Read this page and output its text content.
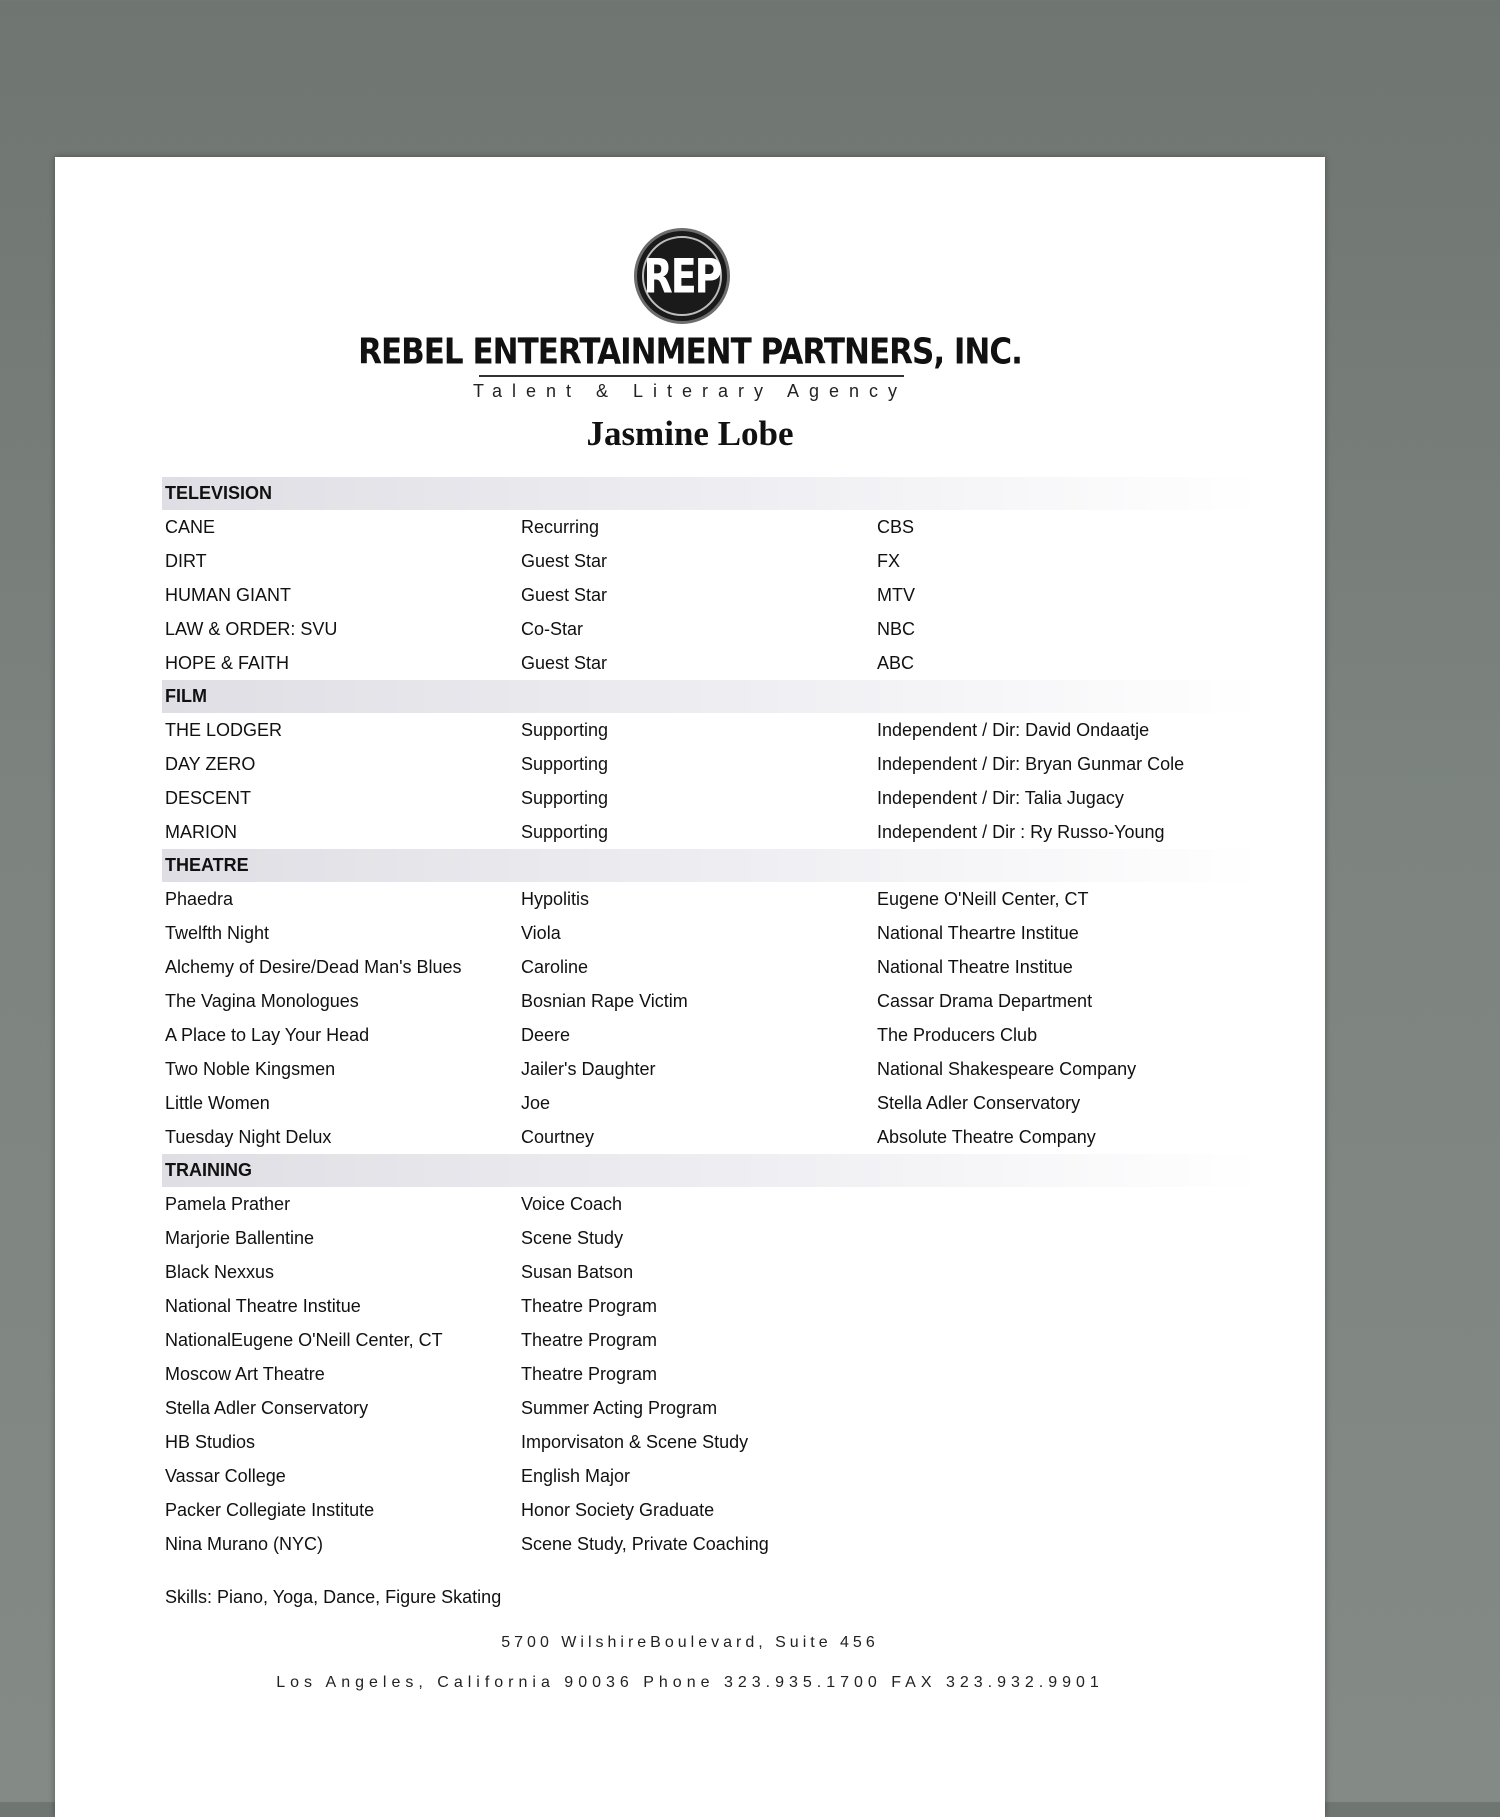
REP
REBEL ENTERTAINMENT PARTNERS, INC.
Talent & Literary Agency
Jasmine Lobe
TELEVISION
CANE	Recurring	CBS
DIRT	Guest Star	FX
HUMAN GIANT	Guest Star	MTV
LAW & ORDER: SVU	Co-Star	NBC
HOPE & FAITH	Guest Star	ABC
FILM
THE LODGER	Supporting	Independent / Dir: David Ondaatje
DAY ZERO	Supporting	Independent / Dir: Bryan Gunmar Cole
DESCENT	Supporting	Independent / Dir: Talia Jugacy
MARION	Supporting	Independent / Dir : Ry Russo-Young
THEATRE
Phaedra	Hypolitis	Eugene O'Neill Center, CT
Twelfth Night	Viola	National Theartre Institue
Alchemy of Desire/Dead Man's Blues	Caroline	National Theatre Institue
The Vagina Monologues	Bosnian Rape Victim	Cassar Drama Department
A Place to Lay Your Head	Deere	The Producers Club
Two Noble Kingsmen	Jailer's Daughter	National Shakespeare Company
Little Women	Joe	Stella Adler Conservatory
Tuesday Night Delux	Courtney	Absolute Theatre Company
TRAINING
Pamela Prather	Voice Coach
Marjorie Ballentine	Scene Study
Black Nexxus	Susan Batson
National Theatre Institue	Theatre Program
NationalEugene O'Neill Center, CT	Theatre Program
Moscow Art Theatre	Theatre Program
Stella Adler Conservatory	Summer Acting Program
HB Studios	Imporvisaton & Scene Study
Vassar College	English Major
Packer Collegiate Institute	Honor Society Graduate
Nina Murano (NYC)	Scene Study, Private Coaching
Skills: Piano, Yoga, Dance, Figure Skating
5700 WilshireBoulevard, Suite 456
Los Angeles, California 90036 Phone 323.935.1700 FAX 323.932.9901
